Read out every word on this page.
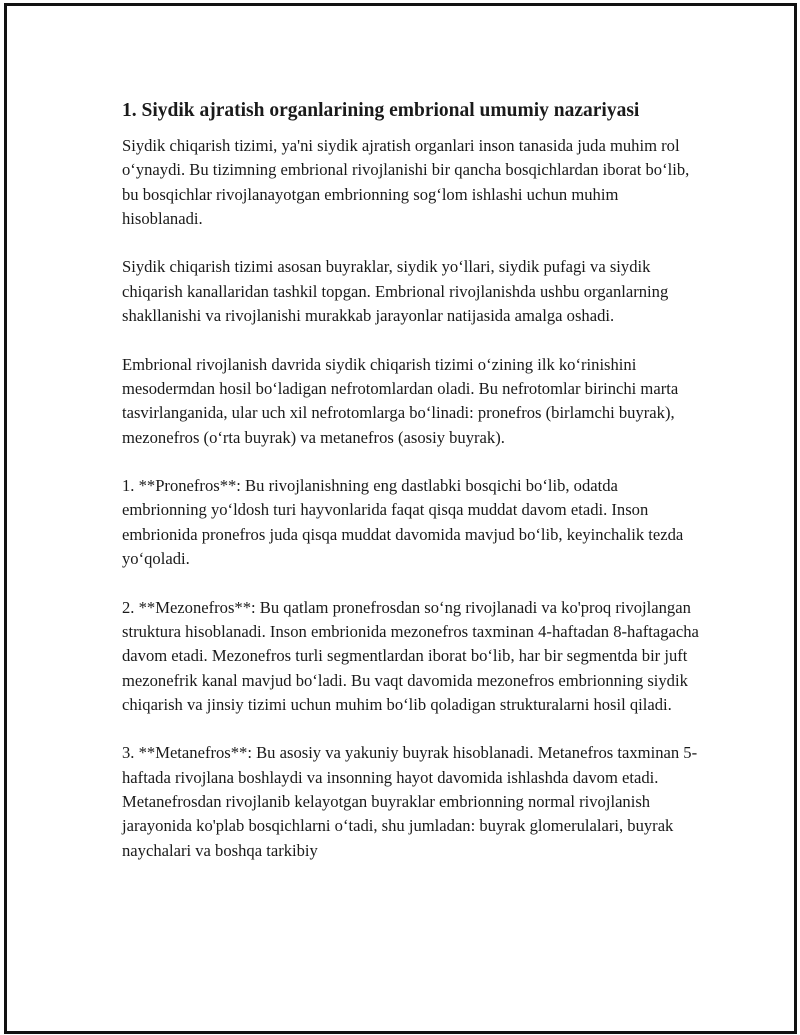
1. Siydik ajratish organlarining embrional umumiy nazariyasi

Siydik chiqarish tizimi, ya'ni siydik ajratish organlari inson tanasida juda muhim rol o‘ynaydi. Bu tizimning embrional rivojlanishi bir qancha bosqichlardan iborat bo‘lib, bu bosqichlar rivojlanayotgan embrionning sog‘lom ishlashi uchun muhim hisoblanadi.

Siydik chiqarish tizimi asosan buyraklar, siydik yo‘llari, siydik pufagi va siydik chiqarish kanallaridan tashkil topgan. Embrional rivojlanishda ushbu organlarning shakllanishi va rivojlanishi murakkab jarayonlar natijasida amalga oshadi.

Embrional rivojlanish davrida siydik chiqarish tizimi o‘zining ilk ko‘rinishini mesodermdan hosil bo‘ladigan nefrotomlardan oladi. Bu nefrotomlar birinchi marta tasvirlanganida, ular uch xil nefrotomlarga bo‘linadi: pronefros (birlamchi buyrak), mezonefros (o‘rta buyrak) va metanefros (asosiy buyrak).

1. **Pronefros**: Bu rivojlanishning eng dastlabki bosqichi bo‘lib, odatda embrionning yo‘ldosh turi hayvonlarida faqat qisqa muddat davom etadi. Inson embrionida pronefros juda qisqa muddat davomida mavjud bo‘lib, keyinchalik tezda yo‘qoladi.

2. **Mezonefros**: Bu qatlam pronefrosdan so‘ng rivojlanadi va ko'proq rivojlangan struktura hisoblanadi. Inson embrionida mezonefros taxminan 4-haftadan 8-haftagacha davom etadi. Mezonefros turli segmentlardan iborat bo‘lib, har bir segmentda bir juft mezonefrik kanal mavjud bo‘ladi. Bu vaqt davomida mezonefros embrionning siydik chiqarish va jinsiy tizimi uchun muhim bo‘lib qoladigan strukturalarni hosil qiladi.

3. **Metanefros**: Bu asosiy va yakuniy buyrak hisoblanadi. Metanefros taxminan 5-haftada rivojlana boshlaydi va insonning hayot davomida ishlashda davom etadi. Metanefrosdan rivojlanib kelayotgan buyraklar embrionning normal rivojlanish jarayonida ko'plab bosqichlarni o‘tadi, shu jumladan: buyrak glomerulalari, buyrak naychalari va boshqa tarkibiy
